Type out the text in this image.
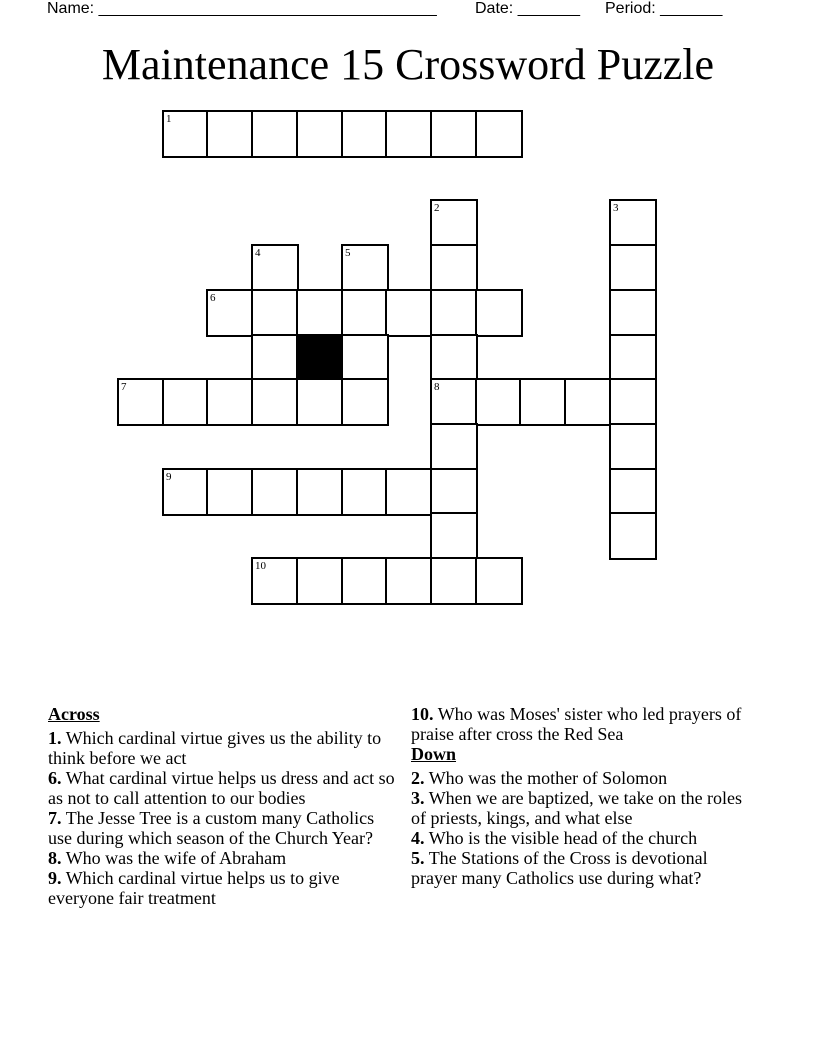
Name: ______________________________________ Date: _______ Period: _______
Maintenance 15 Crossword Puzzle
1
2	3
4	5
6
7	8
9
10

Across

1. Which cardinal virtue gives us the ability to think before we act

6. What cardinal virtue helps us dress and act so as not to call attention to our bodies

7. The Jesse Tree is a custom many Catholics use during which season of the Church Year?

8. Who was the wife of Abraham

9. Which cardinal virtue helps us to give everyone fair treatment

10. Who was Moses' sister who led prayers of praise after cross the Red Sea

Down

2. Who was the mother of Solomon

3. When we are baptized, we take on the roles of priests, kings, and what else

4. Who is the visible head of the church

5. The Stations of the Cross is devotional prayer many Catholics use during what?
